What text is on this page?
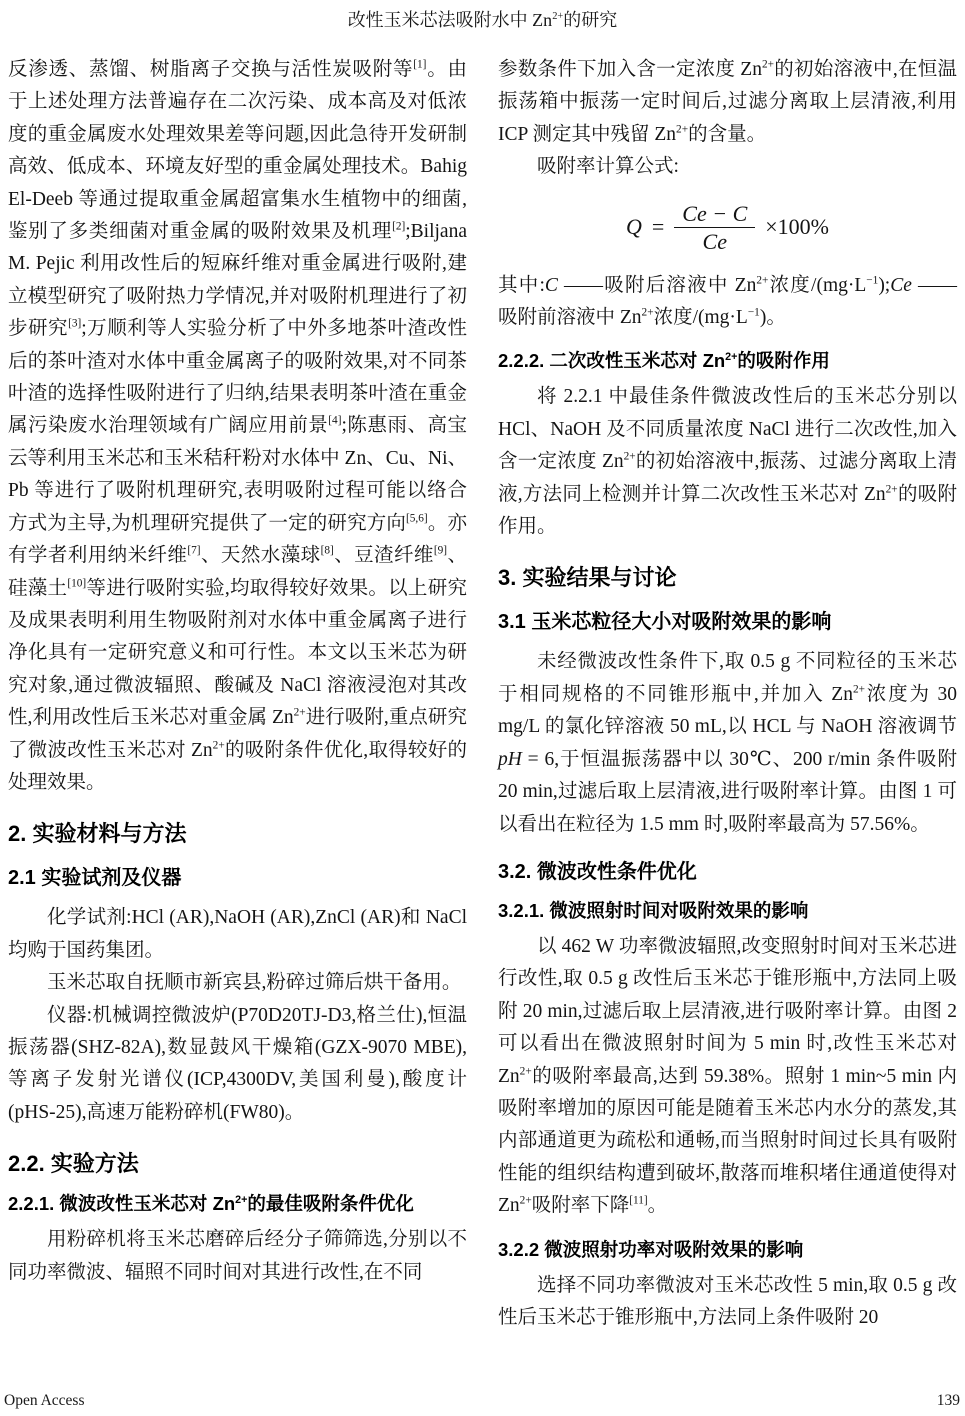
改性玉米芯法吸附水中 $Zn^{2+}$的研究

反渗透、蒸馏、树脂离子交换与活性炭吸附等[1]。由于上述处理方法普遍存在二次污染、成本高及对低浓度的重金属废水处理效果差等问题,因此急待开发研制高效、低成本、环境友好型的重金属处理技术。Bahig El-Deeb 等通过提取重金属超富集水生植物中的细菌,鉴别了多类细菌对重金属的吸附效果及机理[2];Biljana M. Pejic 利用改性后的短麻纤维对重金属进行吸附,建立模型研究了吸附热力学情况,并对吸附机理进行了初步研究[3];万顺利等人实验分析了中外多地茶叶渣改性后的茶叶渣对水体中重金属离子的吸附效果,对不同茶叶渣的选择性吸附进行了归纳,结果表明茶叶渣在重金属污染废水治理领域有广阔应用前景[4];陈惠雨、高宝云等利用玉米芯和玉米秸秆粉对水体中 Zn、Cu、Ni、Pb 等进行了吸附机理研究,表明吸附过程可能以络合方式为主导,为机理研究提供了一定的研究方向[5,6]。亦有学者利用纳米纤维[7]、天然水藻球[8]、豆渣纤维[9]、硅藻土[10]等进行吸附实验,均取得较好效果。以上研究及成果表明利用生物吸附剂对水体中重金属离子进行净化具有一定研究意义和可行性。本文以玉米芯为研究对象,通过微波辐照、酸碱及 NaCl 溶液浸泡对其改性,利用改性后玉米芯对重金属 $Zn^{2+}$进行吸附,重点研究了微波改性玉米芯对 $Zn^{2+}$的吸附条件优化,取得较好的处理效果。

2. 实验材料与方法
2.1 实验试剂及仪器

化学试剂:HCl (AR),NaOH (AR),ZnCl (AR)和 NaCl 均购于国药集团。

玉米芯取自抚顺市新宾县,粉碎过筛后烘干备用。

仪器:机械调控微波炉(P70D20TJ-D3,格兰仕),恒温振荡器(SHZ-82A),数显鼓风干燥箱(GZX-9070 MBE),等离子发射光谱仪(ICP,4300DV,美国利曼),酸度计(pHS-25),高速万能粉碎机(FW80)。

2.2. 实验方法
2.2.1. 微波改性玉米芯对 $Zn^{2+}$的最佳吸附条件优化

用粉碎机将玉米芯磨碎后经分子筛筛选,分别以不同功率微波、辐照不同时间对其进行改性,在不同

参数条件下加入含一定浓度 $Zn^{2+}$的初始溶液中,在恒温振荡箱中振荡一定时间后,过滤分离取上层清液,利用 ICP 测定其中残留 $Zn^{2+}$的含量。

吸附率计算公式:

$Q = \frac{Ce - C}{Ce} \times 100\%$

其中:C ——吸附后溶液中 $Zn^{2+}$浓度$/(mg\cdot L^{-1});Ce$ ——吸附前溶液中 $Zn^{2+}$浓度$/(mg\cdot L^{-1})$。

2.2.2. 二次改性玉米芯对 $Zn^{2+}$的吸附作用

将 2.2.1 中最佳条件微波改性后的玉米芯分别以 HCl、NaOH 及不同质量浓度 NaCl 进行二次改性,加入含一定浓度 $Zn^{2+}$的初始溶液中,振荡、过滤分离取上清液,方法同上检测并计算二次改性玉米芯对 $Zn^{2+}$的吸附作用。

3. 实验结果与讨论
3.1 玉米芯粒径大小对吸附效果的影响

未经微波改性条件下,取 0.5 g 不同粒径的玉米芯于相同规格的不同锥形瓶中,并加入 $Zn^{2+}$浓度为 30 mg/L 的氯化锌溶液 50 mL,以 HCL 与 NaOH 溶液调节 pH = 6,于恒温振荡器中以 30℃、200 r/min 条件吸附 20 min,过滤后取上层清液,进行吸附率计算。由图 1 可以看出在粒径为 1.5 mm 时,吸附率最高为 57.56%。

3.2. 微波改性条件优化
3.2.1. 微波照射时间对吸附效果的影响

以 462 W 功率微波辐照,改变照射时间对玉米芯进行改性,取 0.5 g 改性后玉米芯于锥形瓶中,方法同上吸附 20 min,过滤后取上层清液,进行吸附率计算。由图 2 可以看出在微波照射时间为 5 min 时,改性玉米芯对 $Zn^{2+}$的吸附率最高,达到 59.38%。照射 1 min~5 min 内吸附率增加的原因可能是随着玉米芯内水分的蒸发,其内部通道更为疏松和通畅,而当照射时间过长具有吸附性能的组织结构遭到破坏,散落而堆积堵住通道使得对 $Zn^{2+}$吸附率下降[11]。

3.2.2 微波照射功率对吸附效果的影响

选择不同功率微波对玉米芯改性 5 min,取 0.5 g 改性后玉米芯于锥形瓶中,方法同上条件吸附 20

Open Access	139
